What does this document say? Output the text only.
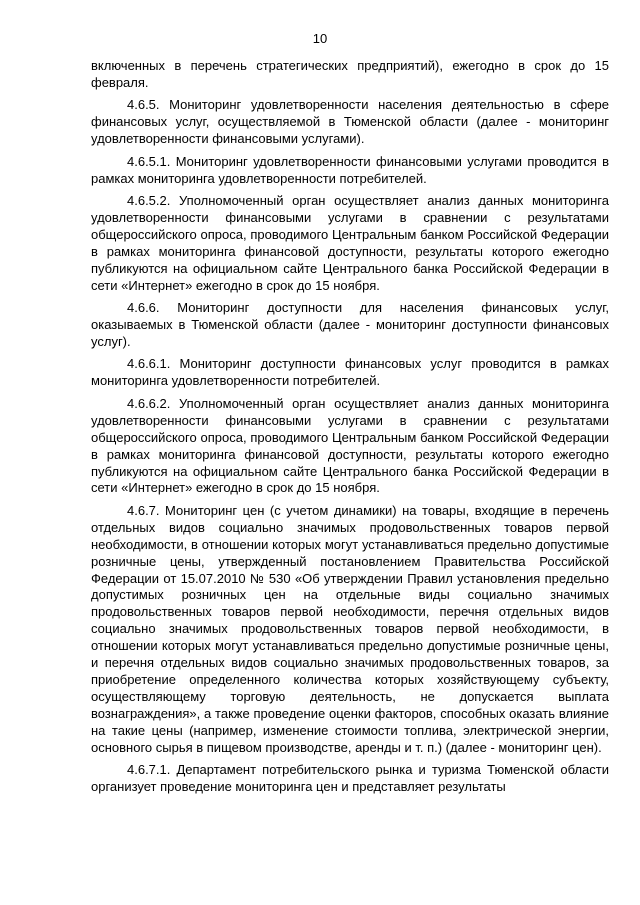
10

включенных в перечень стратегических предприятий), ежегодно в срок до 15 февраля.

4.6.5. Мониторинг удовлетворенности населения деятельностью в сфере финансовых услуг, осуществляемой в Тюменской области (далее - мониторинг удовлетворенности финансовыми услугами).

4.6.5.1. Мониторинг удовлетворенности финансовыми услугами проводится в рамках мониторинга удовлетворенности потребителей.

4.6.5.2. Уполномоченный орган осуществляет анализ данных мониторинга удовлетворенности финансовыми услугами в сравнении с результатами общероссийского опроса, проводимого Центральным банком Российской Федерации в рамках мониторинга финансовой доступности, результаты которого ежегодно публикуются на официальном сайте Центрального банка Российской Федерации в сети «Интернет» ежегодно в срок до 15 ноября.

4.6.6. Мониторинг доступности для населения финансовых услуг, оказываемых в Тюменской области (далее - мониторинг доступности финансовых услуг).

4.6.6.1. Мониторинг доступности финансовых услуг проводится в рамках мониторинга удовлетворенности потребителей.

4.6.6.2. Уполномоченный орган осуществляет анализ данных мониторинга удовлетворенности финансовыми услугами в сравнении с результатами общероссийского опроса, проводимого Центральным банком Российской Федерации в рамках мониторинга финансовой доступности, результаты которого ежегодно публикуются на официальном сайте Центрального банка Российской Федерации в сети «Интернет» ежегодно в срок до 15 ноября.

4.6.7. Мониторинг цен (с учетом динамики) на товары, входящие в перечень отдельных видов социально значимых продовольственных товаров первой необходимости, в отношении которых могут устанавливаться предельно допустимые розничные цены, утвержденный постановлением Правительства Российской Федерации от 15.07.2010 № 530 «Об утверждении Правил установления предельно допустимых розничных цен на отдельные виды социально значимых продовольственных товаров первой необходимости, перечня отдельных видов социально значимых продовольственных товаров первой необходимости, в отношении которых могут устанавливаться предельно допустимые розничные цены, и перечня отдельных видов социально значимых продовольственных товаров, за приобретение определенного количества которых хозяйствующему субъекту, осуществляющему торговую деятельность, не допускается выплата вознаграждения», а также проведение оценки факторов, способных оказать влияние на такие цены (например, изменение стоимости топлива, электрической энергии, основного сырья в пищевом производстве, аренды и т. п.) (далее - мониторинг цен).

4.6.7.1. Департамент потребительского рынка и туризма Тюменской области организует проведение мониторинга цен и представляет результаты
